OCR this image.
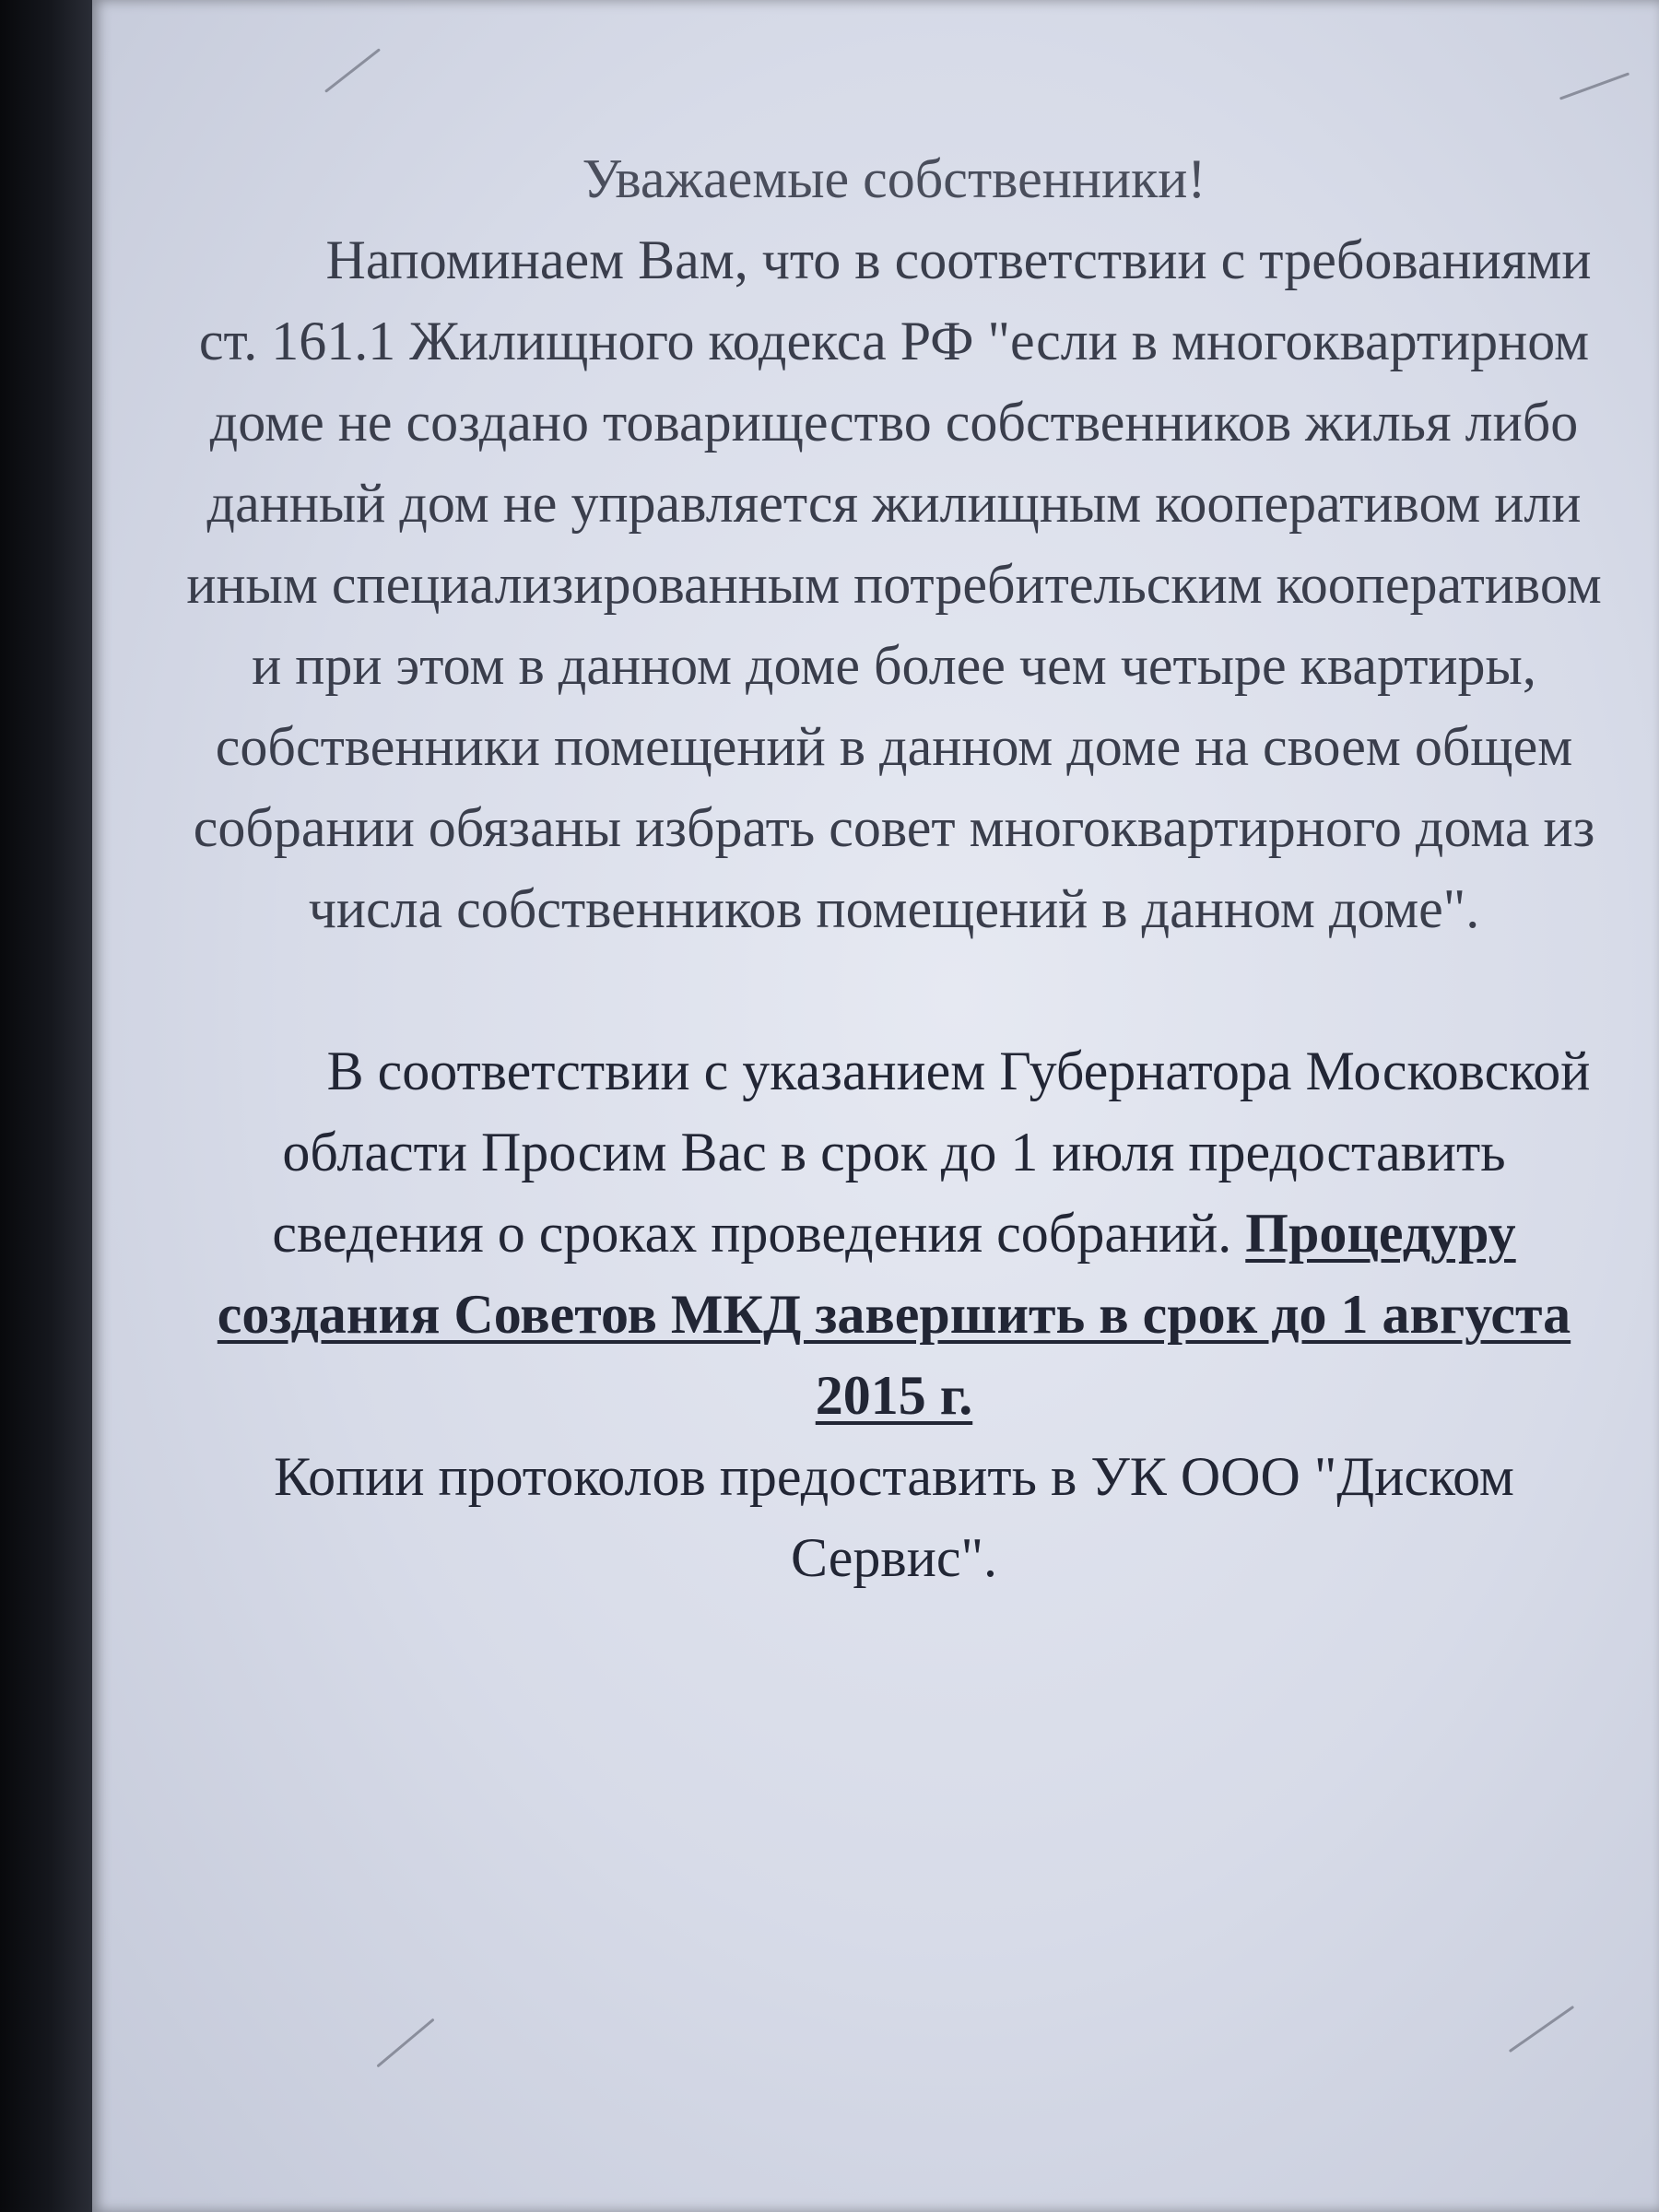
Уважаемые собственники!

Напоминаем Вам, что в соответствии с требованиями ст. 161.1 Жилищного кодекса РФ "если в многоквартирном доме не создано товарищество собственников жилья либо данный дом не управляется жилищным кооперативом или иным специализированным потребительским кооперативом и при этом в данном доме более чем четыре квартиры, собственники помещений в данном доме на своем общем собрании обязаны избрать совет многоквартирного дома из числа собственников помещений в данном доме".

В соответствии с указанием Губернатора Московской области Просим Вас в срок до 1 июля предоставить сведения о сроках проведения собраний. Процедуру создания Советов МКД завершить в срок до 1 августа 2015 г.

Копии протоколов предоставить в УК ООО "Диском Сервис".
